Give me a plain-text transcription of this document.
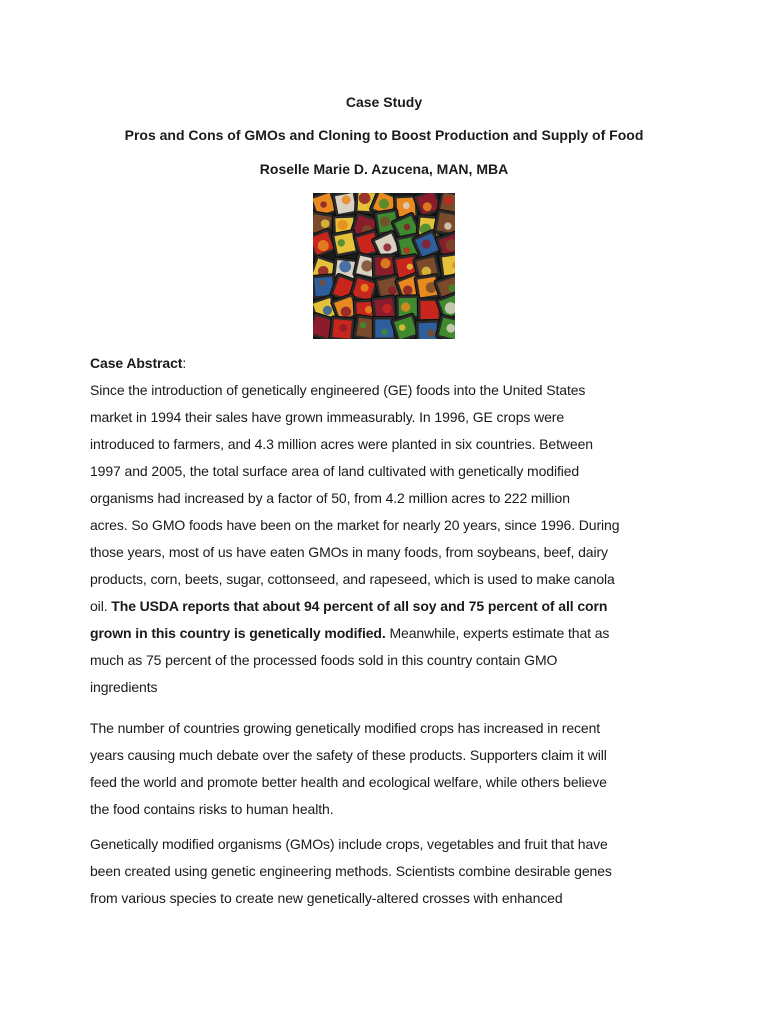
Case Study
Pros and Cons of GMOs and Cloning to Boost Production and Supply of Food
Roselle Marie D. Azucena, MAN, MBA
Case Abstract:
Since the introduction of genetically engineered (GE) foods into the United States
market in 1994 their sales have grown immeasurably. In 1996, GE crops were
introduced to farmers, and 4.3 million acres were planted in six countries. Between
1997 and 2005, the total surface area of land cultivated with genetically modified
organisms had increased by a factor of 50, from 4.2 million acres to 222 million
acres. So GMO foods have been on the market for nearly 20 years, since 1996. During
those years, most of us have eaten GMOs in many foods, from soybeans, beef, dairy
products, corn, beets, sugar, cottonseed, and rapeseed, which is used to make canola
oil. The USDA reports that about 94 percent of all soy and 75 percent of all corn
grown in this country is genetically modified. Meanwhile, experts estimate that as
much as 75 percent of the processed foods sold in this country contain GMO
ingredients
The number of countries growing genetically modified crops has increased in recent
years causing much debate over the safety of these products. Supporters claim it will
feed the world and promote better health and ecological welfare, while others believe
the food contains risks to human health.
Genetically modified organisms (GMOs) include crops, vegetables and fruit that have
been created using genetic engineering methods. Scientists combine desirable genes
from various species to create new genetically-altered crosses with enhanced
